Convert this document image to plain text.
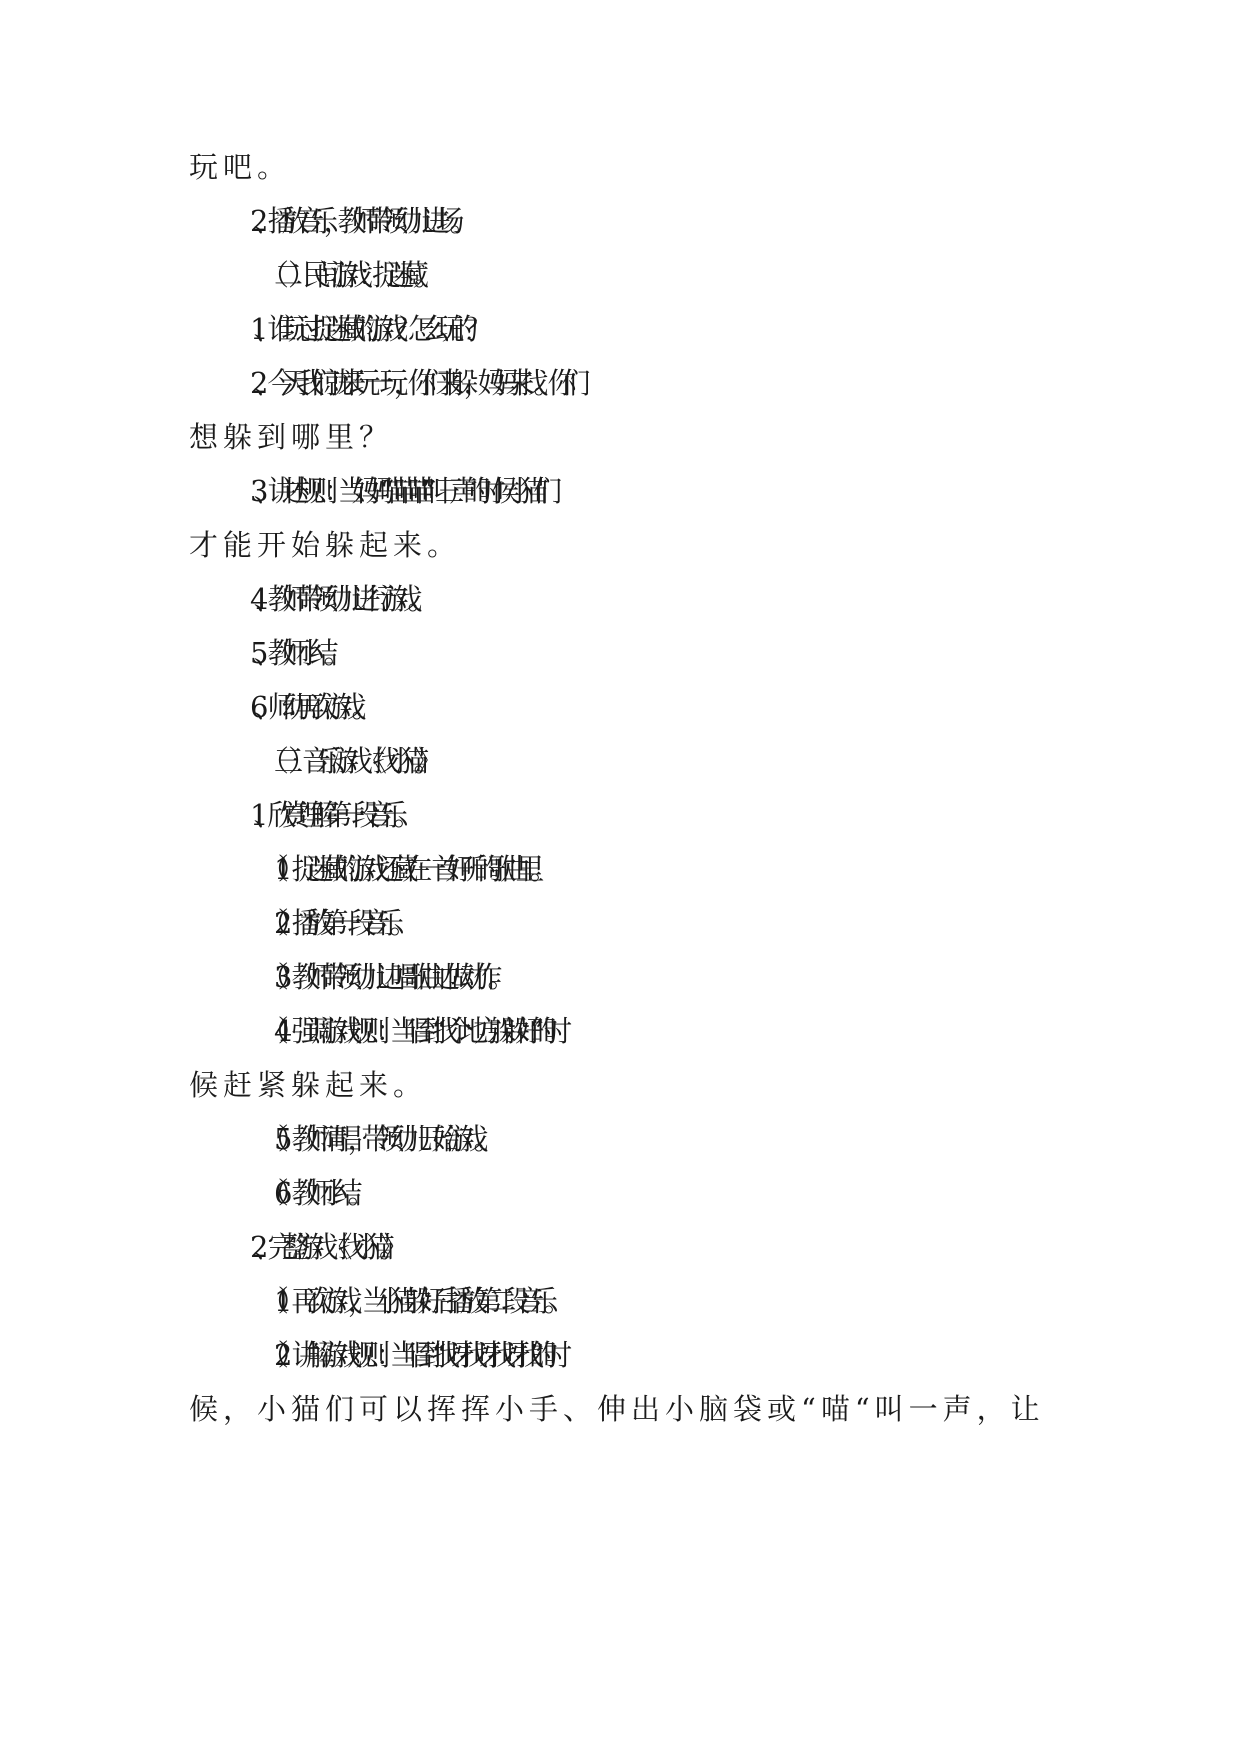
玩吧。
2、播放音乐，教师带领幼儿进场。
（二）民间游戏：捉迷藏。
1、谁玩过捉迷藏的游戏？怎么玩的？
2、今天我们就来玩一玩，你们来躲，妈妈来找。你们
想躲到哪里？
3、讲述规则：当妈妈“喵喵喵”叫三声的时候小猫们
才能开始躲起来。
4、教师带领幼儿进行游戏。
5、教师小结。
6、师幼再次游戏。
（三）音乐游戏《找小猫》。
1、欣赏理解第一段音乐。
（1）捉迷藏的游戏还藏在一首好听的歌曲里。
（2）播放第一段音乐。
（3）教师带领幼儿边唱歌曲边做动作。
（4）强调游戏规则：当唱到“找个地方躲躲好”的时
候赶紧躲起来。
（5）教师清唱，带领幼儿开始游戏。
（6）教师小结。
2、完整游戏《找小猫》。
（1）再次游戏，当小猫躲好后播放第二段音乐。
（2）讲解游戏规则：当唱到“找呀找呀找呀找”的时
候，小猫们可以挥挥小手、伸出小脑袋或“喵“叫一声，让
